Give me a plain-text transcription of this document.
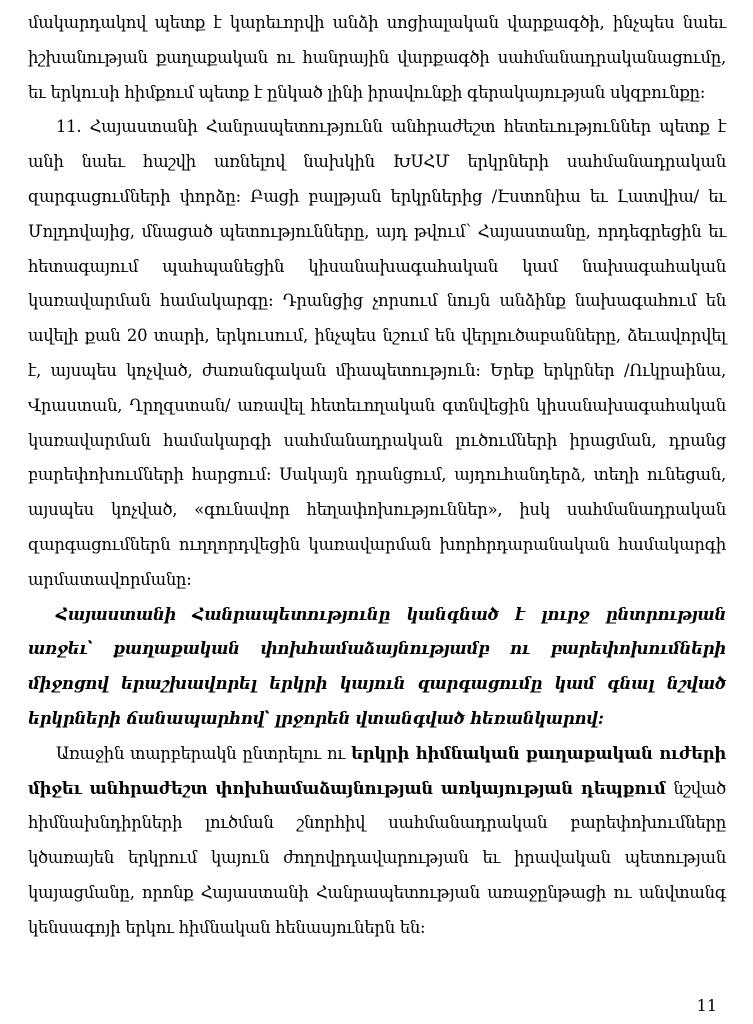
մակարդակով պետք է կարեւորվի անձի սոցիալական վարքագծի, ինչպես նաեւ իշխանության քաղաքական ու հանրային վարքագծի սահմանադրականացումը, եւ երկուսի հիմքում պետք է ընկած լինի իրավունքի գերակայության սկզբունքը:

11. Հայաստանի Հանրապետությունն անհրաժեշտ հետեւություններ պետք է անի նաեւ հաշվի առնելով նախկին ԽՍՀՄ երկրների սահմանադրական զարգացումների փորձը: Բացի բալթյան երկրներից /Էստոնիա եւ Լատվիա/ եւ Մոլդովայից, մնացած պետությունները, այդ թվում՝ Հայաստանը, որդեգրեցին եւ հետագայում պահպանեցին կիսանախագահական կամ նախագահական կառավարման համակարգը: Դրանցից չորսում նույն անձինք նախագահում են ավելի քան 20 տարի, երկուսում, ինչպես նշում են վերլուծաբանները, ձեւավորվել է, այսպես կոչված, ժառանգական միապետություն: Երեք երկրներ /Ուկրաինա, Վրաստան, Ղրղզստան/ առավել հետեւողական գտնվեցին կիսանախագահական կառավարման համակարգի սահմանադրական լուծումների իրացման, դրանց բարեփոխումների հարցում: Սակայն դրանցում, այդուհանդերձ, տեղի ունեցան, այսպես կոչված, «գունավոր հեղափոխություններ», իսկ սահմանադրական զարգացումներն ուղղորդվեցին կառավարման խորհրդարանական համակարգի արմատավորմանը:

Հայաստանի Հանրապետությունը կանգնած է լուրջ ընտրության առջեւ՝ քաղաքական փոխհամաձայնությամբ ու բարեփոխումների միջոցով երաշխավորել երկրի կայուն զարգացումը կամ գնալ նշված երկրների ճանապարհով՝ լրջորեն վտանգված հեռանկարով:

Առաջին տարբերակն ընտրելու ու երկրի հիմնական քաղաքական ուժերի միջեւ անհրաժեշտ փոխհամաձայնության առկայության դեպքում նշված հիմնախնդիրների լուծման շնորհիվ սահմանադրական բարեփոխումները կծառայեն երկրում կայուն ժողովրդավարության եւ իրավական պետության կայացմանը, որոնք Հայաստանի Հանրապետության առաջընթացի ու անվտանգ կենսագոյի երկու հիմնական հենասյուներն են:

11
